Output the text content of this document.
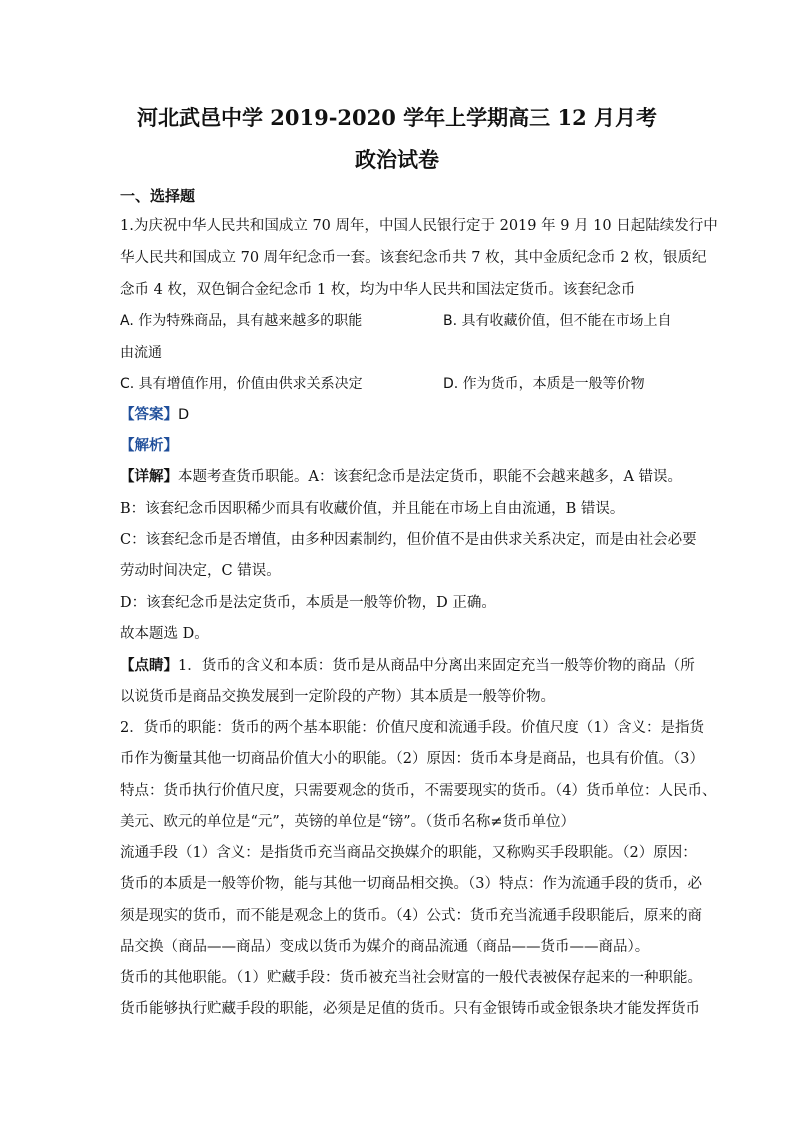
河北武邑中学 2019-2020 学年上学期高三 12 月月考
政治试卷
一、选择题
1.为庆祝中华人民共和国成立 70 周年，中国人民银行定于 2019 年 9 月 10 日起陆续发行中
华人民共和国成立 70 周年纪念币一套。该套纪念币共 7 枚，其中金质纪念币 2 枚，银质纪
念币 4 枚，双色铜合金纪念币 1 枚，均为中华人民共和国法定货币。该套纪念币
A. 作为特殊商品，具有越来越多的职能	B. 具有收藏价值，但不能在市场上自
由流通
C. 具有增值作用，价值由供求关系决定	D. 作为货币，本质是一般等价物
【答案】D
【解析】
【详解】本题考查货币职能。A：该套纪念币是法定货币，职能不会越来越多，A 错误。
B：该套纪念币因职稀少而具有收藏价值，并且能在市场上自由流通，B 错误。
C：该套纪念币是否增值，由多种因素制约，但价值不是由供求关系决定，而是由社会必要
劳动时间决定，C 错误。
D：该套纪念币是法定货币，本质是一般等价物，D 正确。
故本题选 D。
【点睛】1．货币的含义和本质：货币是从商品中分离出来固定充当一般等价物的商品（所
以说货币是商品交换发展到一定阶段的产物）其本质是一般等价物。
2．货币的职能：货币的两个基本职能：价值尺度和流通手段。价值尺度（1）含义：是指货
币作为衡量其他一切商品价值大小的职能。（2）原因：货币本身是商品，也具有价值。（3）
特点：货币执行价值尺度，只需要观念的货币，不需要现实的货币。（4）货币单位：人民币、
美元、欧元的单位是“元”，英镑的单位是“镑”。（货币名称≠货币单位）
流通手段（1）含义：是指货币充当商品交换媒介的职能，又称购买手段职能。（2）原因：
货币的本质是一般等价物，能与其他一切商品相交换。（3）特点：作为流通手段的货币，必
须是现实的货币，而不能是观念上的货币。（4）公式：货币充当流通手段职能后，原来的商
品交换（商品——商品）变成以货币为媒介的商品流通（商品——货币——商品）。
货币的其他职能。（1）贮藏手段：货币被充当社会财富的一般代表被保存起来的一种职能。
货币能够执行贮藏手段的职能，必须是足值的货币。只有金银铸币或金银条块才能发挥货币
